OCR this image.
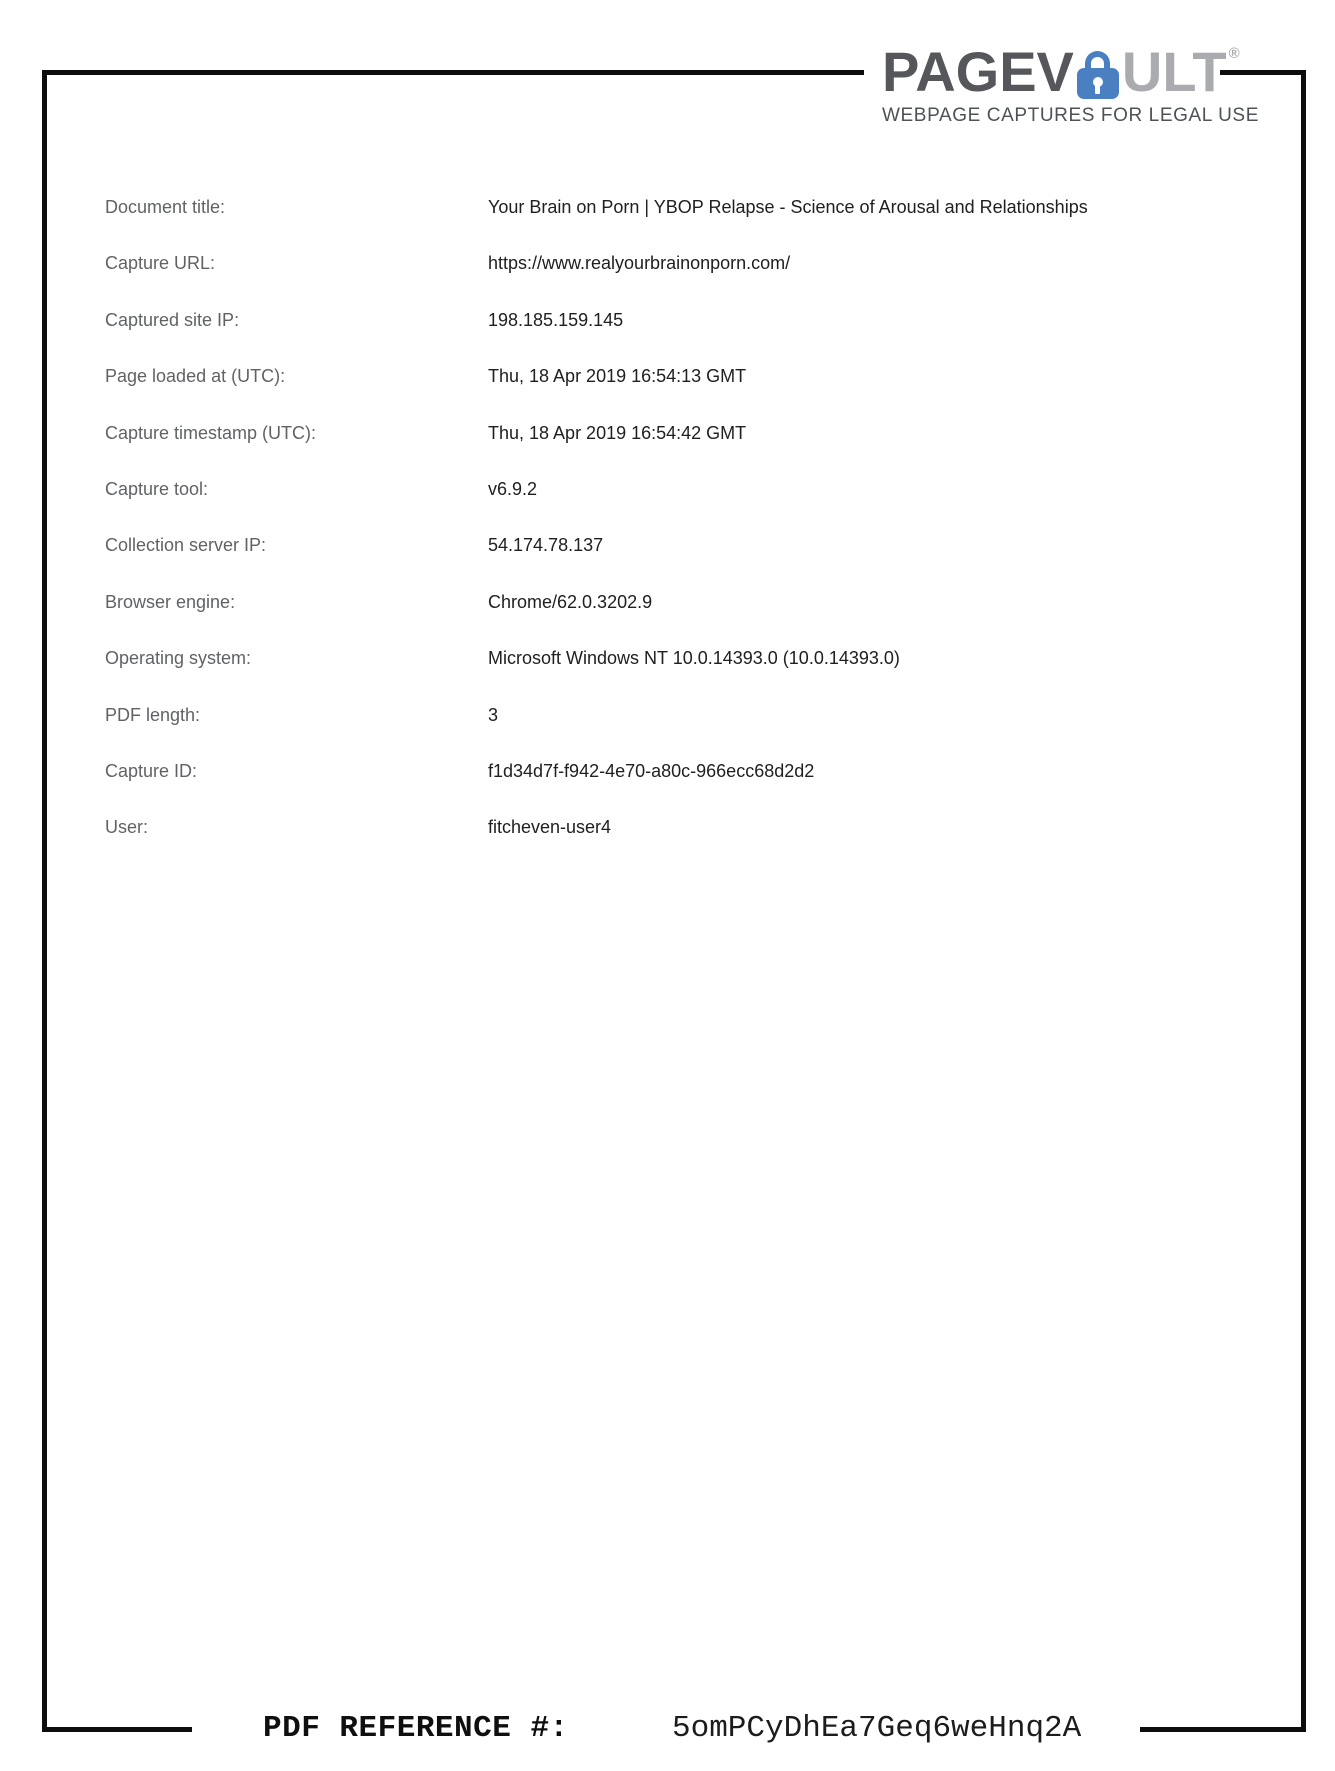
PAGEV ULT ®
WEBPAGE CAPTURES FOR LEGAL USE
Document title:	Your Brain on Porn | YBOP Relapse - Science of Arousal and Relationships
Capture URL:	https://www.realyourbrainonporn.com/
Captured site IP:	198.185.159.145
Page loaded at (UTC):	Thu, 18 Apr 2019 16:54:13 GMT
Capture timestamp (UTC):	Thu, 18 Apr 2019 16:54:42 GMT
Capture tool:	v6.9.2
Collection server IP:	54.174.78.137
Browser engine:	Chrome/62.0.3202.9
Operating system:	Microsoft Windows NT 10.0.14393.0 (10.0.14393.0)
PDF length:	3
Capture ID:	f1d34d7f-f942-4e70-a80c-966ecc68d2d2
User:	fitcheven-user4
PDF REFERENCE #:	5omPCyDhEa7Geq6weHnq2A
